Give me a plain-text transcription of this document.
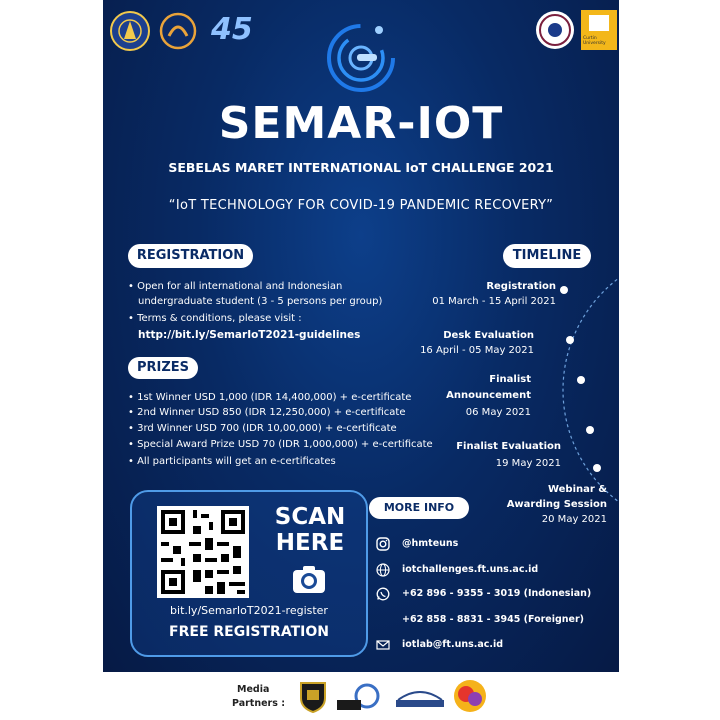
45	Curtin University
SEMAR-IOT
SEBELAS MARET INTERNATIONAL IoT CHALLENGE 2021
“IoT TECHNOLOGY FOR COVID-19 PANDEMIC RECOVERY”
REGISTRATION
• Open for all international and Indonesian
undergraduate student (3 - 5 persons per group)
• Terms & conditions, please visit :
http://bit.ly/SemarIoT2021-guidelines
PRIZES
• 1st Winner USD 1,000 (IDR 14,400,000) + e-certificate
• 2nd Winner USD 850 (IDR 12,250,000) + e-certificate
• 3rd Winner USD 700 (IDR 10,00,000) + e-certificate
• Special Award Prize USD 70 (IDR 1,000,000) + e-certificate
• All participants will get an e-certificates
TIMELINE
Registration
01 March - 15 April 2021
Desk Evaluation
16 April - 05 May 2021
Finalist
Announcement
06 May 2021
Finalist Evaluation
19 May 2021
Webinar &
Awarding Session
20 May 2021
SCAN
HERE
bit.ly/SemarIoT2021-register
FREE REGISTRATION
MORE INFO
@hmteuns
iotchallenges.ft.uns.ac.id
+62 896 - 9355 - 3019 (Indonesian)
+62 858 - 8831 - 3945 (Foreigner)
iotlab@ft.uns.ac.id
Media
Partners :
